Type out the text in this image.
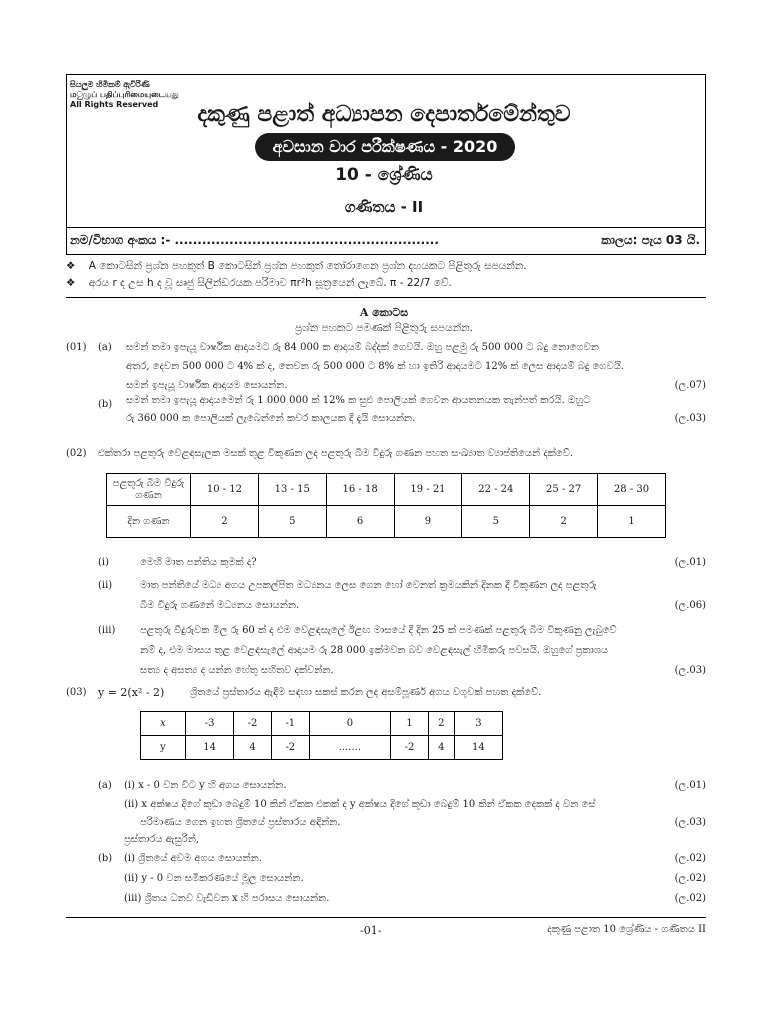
සියලුම හිමිකම් ඇවිරිණි
மුழுப் பதிப்புரிமையுடையது
All Rights Reserved	දකුණු පළාත් අධ්‍යාපන දෙපාර්තමේන්තුව
අවසාන වාර පරීක්ෂණය - 2020
10 - ශ්‍රේණිය
ගණිතය - II
නම/විභාග අංකය :- ..........................................................	කාලය: පැය 03 යි.
❖ A කොටසින් ප්‍රශ්න පහකුත් B කොටසින් ප්‍රශ්න පහකුත් තෝරාගෙන ප්‍රශ්න දහයකට පිළිතුරු සපයන්න.
❖ අරය r ද උස h ද වූ සෘජු සිලින්ඩරයක පරිමාව πr²h සූත්‍රයෙන් ලැබේ. π - 22/7 වේ.
A කොටස
ප්‍රශ්න පහකට පමණක් පිළිතුරු සපයන්න.
(01) (a) සමන් තමා ඉපැයූ වාර්ෂික ආදායමට රු 84 000 ක ආදායම් බද්දක් ගෙවයි. ඔහු පළමු රු 500 000 ට බදු නොගෙවන
අතර, දෙවන 500 000 ට 4% ක් ද, තෙවන රු 500 000 ට 8% ක් හා ඉතිරි ආදායමට 12% ක් ලෙස ආදායම් බදු ගෙවයි.
සමන් ඉපැයූ වාර්ෂික ආදායම සොයන්න.	(ල.07)
(b) සමන් තමා ඉපැයූ ආදායමෙන් රු 1 000 000 ක් 12% ක සුළු පොලියක් ගෙවන ආයතනයක තැන්පත් කරයි. ඔහුට
රු 360 000 ක පොලියක් ලැබෙන්නේ කවර කාලයක දී දැයි සොයන්න.	(ල.03)
(02) එක්තරා පළතුරු වෙළඳසැලක මසක් තුළ විකුණන ලද පළතුරු බීම වීදුරු ගණන පහත සංඛ්‍යාත ව්‍යාප්තියෙන් දක්වේ.
පළතුරු බීම වීදුරු
ගණන	10 - 12	13 - 15	16 - 18	19 - 21	22 - 24	25 - 27	28 - 30
දින ගණන	2	5	6	9	5	2	1
(i)	මෙහි මාත පන්තිය කුමක් ද?	(ල.01)
(ii)	මාත පන්තියේ මධ්‍ය අගය උපකල්පිත මධ්‍යනය ලෙස ගෙන හෝ වෙනත් ක්‍රමයකින් දිනක දී විකුණන ලද පළතුරු
බීම වීදුරු ගණනේ මධ්‍යනය සොයන්න.	(ල.06)
(iii) පළතුරු වීදුරුවක මිල රු 60 ක් ද එම වෙළඳසැලේ ඊළඟ මාසයේ දී දින 25 ක් පමණක් පළතුරු බීම විකුණනු ලැබුවේ
නම් ද, එම මාසය තුළ වෙළඳසැලේ ආදායම රු 28 000 ඉක්මවන බව වෙළඳසැල් හිමිකරු පවසයි. ඔහුගේ ප්‍රකාශය
සත්‍ය ද අසත්‍ය ද යන්න හේතු සහිතව දක්වන්න.	(ල.03)
(03) y = 2(x² - 2)	ශ්‍රිතයේ ප්‍රස්තාරය ඇඳීම සඳහා සකස් කරන ලද අසම්පූර්ණ අගය වගුවක් පහත දක්වේ.
x	-3	-2	-1	0	1	2	3
y	14	4	-2	.......	-2	4	14
(a) (i) x - 0 වන විට y හි අගය සොයන්න.	(ල.01)
(ii) x අක්ෂය දිගේ කුඩා බෙදුම් 10 කින් ඒකක එකක් ද y අක්ෂය දිගේ කුඩා බෙදුම් 10 කින් ඒකක දෙකක් ද වන සේ
පරිමාණය ගෙන ඉහත ශ්‍රිතයේ ප්‍රස්තාරය අඳින්න.	(ල.03)
ප්‍රස්තාරය ඇසුරින්,
(b) (i) ශ්‍රිතයේ අවම අගය සොයන්න.	(ල.02)
(ii) y - 0 වන සමීකරණයේ මූල සොයන්න.	(ල.02)
(iii) ශ්‍රිතය ධනව වැඩිවන x හි පරාසය සොයන්න.	(ල.02)
-01-	දකුණු පළාත 10 ශ්‍රේණිය - ගණිතය II
